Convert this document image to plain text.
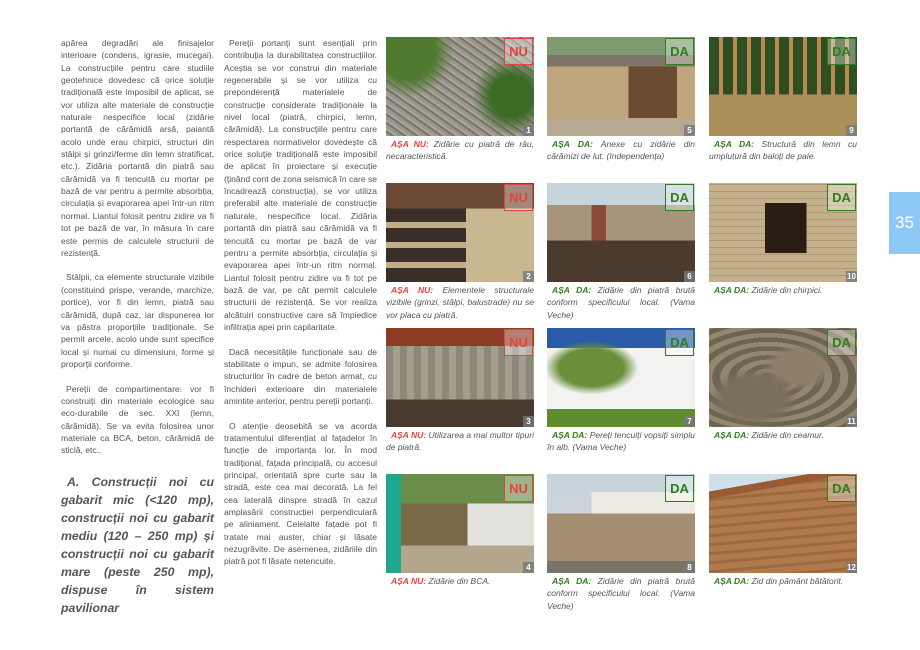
apărea degradări ale finisajelor interioare (condens, igrasie, mucegai). La construcțiile pentru care studiile geotehnice dovedesc că orice soluție tradițională este imposibil de aplicat, se vor utiliza alte materiale de construcție naturale nespecifice local (zidărie portantă de cărămidă arsă, paiantă acolo unde erau chirpici, structuri din stâlpi și grinzi/ferme din lemn stratificat, etc.). Zidăria portantă din piatră sau cărămidă va fi tencuită cu mortar pe bază de var pentru a permite absorbția, circulația și evaporarea apei într-un ritm normal. Liantul folosit pentru zidire va fi tot pe bază de var, în măsura în care este permis de calculele structurii de rezistență.

Stâlpii, ca elemente structurale vizibile (constituind prispe, verande, marchize, portice), vor fi din lemn, piatră sau cărămidă, după caz, iar dispunerea lor va păstra proporțiile tradiționale. Se permit arcele, acolo unde sunt specifice local și numai cu dimensiuni, forme și proporții conforme.

Pereții de compartimentare: vor fi construiți din materiale ecologice sau eco-durabile de sec. XXI (lemn, cărămidă). Se va evita folosirea unor materiale ca BCA, beton, cărămidă de sticlă, etc..

A. Construcții noi cu gabarit mic (<120 mp), construcții noi cu gabarit mediu (120 – 250 mp) și construcții noi cu gabarit mare (peste 250 mp), dispuse în sistem pavilionar

Pereții portanți sunt esențiali prin contribuția la durabilitatea construcțiilor. Aceștia se vor construi din materiale regenerabile și se vor utiliza cu preponderență materialele de construcție considerate tradiționale la nivel local (piatră, chirpici, lemn, cărămidă). La construcțiile pentru care respectarea normativelor dovedește că orice soluție tradițională este imposibil de aplicat în proiectare și execuție (ținând cont de zona seismică în care se încadrează construcția), se vor utiliza preferabil alte materiale de construcție naturale, nespecifice local. Zidăria portantă din piatră sau cărămidă va fi tencuită cu mortar pe bază de var pentru a permite absorbția, circulația și evaporarea apei într-un ritm normal. Liantul folosit pentru zidire va fi tot pe bază de var, pe cât permit calculele structurii de rezistență. Se vor realiza alcătuiri constructive care să împiedice infiltrația apei prin capilaritate.

Dacă necesitățile funcționale sau de stabilitate o impun, se admite folosirea structurilor în cadre de beton armat, cu închideri exterioare din materialele amintite anterior, pentru pereții portanți.

O atenție deosebită se va acorda tratamentului diferențiat al fațadelor în funcție de importanța lor. În mod tradițional, fațada principală, cu accesul principal, orientată spre curte sau la stradă, este cea mai decorată. La fel cea laterală dinspre stradă în cazul amplasării construcției perpendiculară pe aliniament. Celelalte fațade pot fi tratate mai auster, chiar și lăsate nezugrăvite. De asemenea, zidăriile din piatră pot fi lăsate netencuite.

NU
1
AȘA NU: Zidărie cu piatră de râu, necaracteristică.
NU
2
AȘA NU: Elementele structurale vizibile (grinzi, stâlpi, balustrade) nu se vor placa cu piatră.
NU
3
AȘA NU: Utilizarea a mai multor tipuri de piatră.
NU
4
AȘA NU: Zidărie din BCA.
DA
5
AȘA DA: Anexe cu zidărie din cărămizi de lut. (Independența)
DA
6
AȘA DA: Zidărie din piatră brută conform specificului local. (Vama Veche)
DA
7
AȘA DA: Pereți tencuiți vopsiți simplu în alb. (Vama Veche)
DA
8
AȘA DA: Zidărie din piatră brută conform specificului local. (Vama Veche)
DA
9
AȘA DA: Structură din lemn cu umplutură din baloți de paie.
DA
10
AȘA DA: Zidărie din chirpici.
DA
11
AȘA DA: Zidărie din ceamur.
DA
12
AȘA DA: Zid din pământ bătătorit.
35
